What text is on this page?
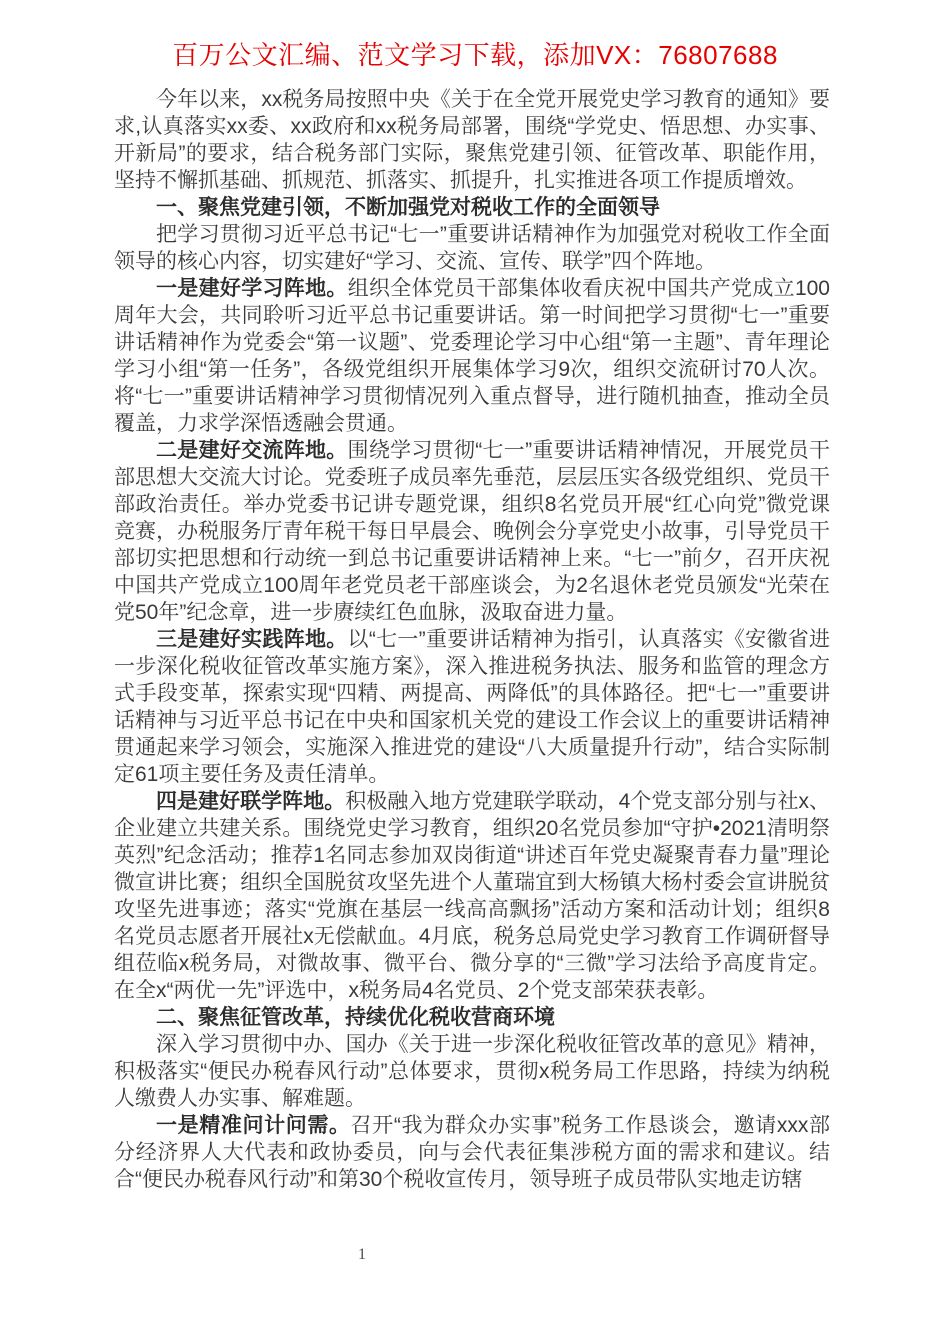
百万公文汇编、范文学习下载，添加VX：76807688

今年以来，xx税务局按照中央《关于在全党开展党史学习教育的通知》要求,认真落实xx委、xx政府和xx税务局部署，围绕“学党史、悟思想、办实事、开新局”的要求，结合税务部门实际，聚焦党建引领、征管改革、职能作用，坚持不懈抓基础、抓规范、抓落实、抓提升，扎实推进各项工作提质增效。

一、聚焦党建引领，不断加强党对税收工作的全面领导

把学习贯彻习近平总书记“七一”重要讲话精神作为加强党对税收工作全面领导的核心内容，切实建好“学习、交流、宣传、联学”四个阵地。

一是建好学习阵地。组织全体党员干部集体收看庆祝中国共产党成立100周年大会，共同聆听习近平总书记重要讲话。第一时间把学习贯彻“七一”重要讲话精神作为党委会“第一议题”、党委理论学习中心组“第一主题”、青年理论学习小组“第一任务”，各级党组织开展集体学习9次，组织交流研讨70人次。将“七一”重要讲话精神学习贯彻情况列入重点督导，进行随机抽查，推动全员覆盖，力求学深悟透融会贯通。

二是建好交流阵地。围绕学习贯彻“七一”重要讲话精神情况，开展党员干部思想大交流大讨论。党委班子成员率先垂范，层层压实各级党组织、党员干部政治责任。举办党委书记讲专题党课，组织8名党员开展“红心向党”微党课竞赛，办税服务厅青年税干每日早晨会、晚例会分享党史小故事，引导党员干部切实把思想和行动统一到总书记重要讲话精神上来。“七一”前夕，召开庆祝中国共产党成立100周年老党员老干部座谈会，为2名退休老党员颁发“光荣在党50年”纪念章，进一步赓续红色血脉，汲取奋进力量。

三是建好实践阵地。以“七一”重要讲话精神为指引，认真落实《安徽省进一步深化税收征管改革实施方案》，深入推进税务执法、服务和监管的理念方式手段变革，探索实现“四精、两提高、两降低”的具体路径。把“七一”重要讲话精神与习近平总书记在中央和国家机关党的建设工作会议上的重要讲话精神贯通起来学习领会，实施深入推进党的建设“八大质量提升行动”，结合实际制定61项主要任务及责任清单。

四是建好联学阵地。积极融入地方党建联学联动，4个党支部分别与社x、企业建立共建关系。围绕党史学习教育，组织20名党员参加“守护•2021清明祭英烈”纪念活动；推荐1名同志参加双岗街道“讲述百年党史凝聚青春力量”理论微宣讲比赛；组织全国脱贫攻坚先进个人董瑞宜到大杨镇大杨村委会宣讲脱贫攻坚先进事迹；落实“党旗在基层一线高高飘扬”活动方案和活动计划；组织8名党员志愿者开展社x无偿献血。4月底，税务总局党史学习教育工作调研督导组莅临x税务局，对微故事、微平台、微分享的“三微”学习法给予高度肯定。在全x“两优一先”评选中，x税务局4名党员、2个党支部荣获表彰。

二、聚焦征管改革，持续优化税收营商环境

深入学习贯彻中办、国办《关于进一步深化税收征管改革的意见》精神，积极落实“便民办税春风行动”总体要求，贯彻x税务局工作思路，持续为纳税人缴费人办实事、解难题。

一是精准问计问需。召开“我为群众办实事”税务工作恳谈会，邀请xxx部分经济界人大代表和政协委员，向与会代表征集涉税方面的需求和建议。结合“便民办税春风行动”和第30个税收宣传月，领导班子成员带队实地走访辖

1
